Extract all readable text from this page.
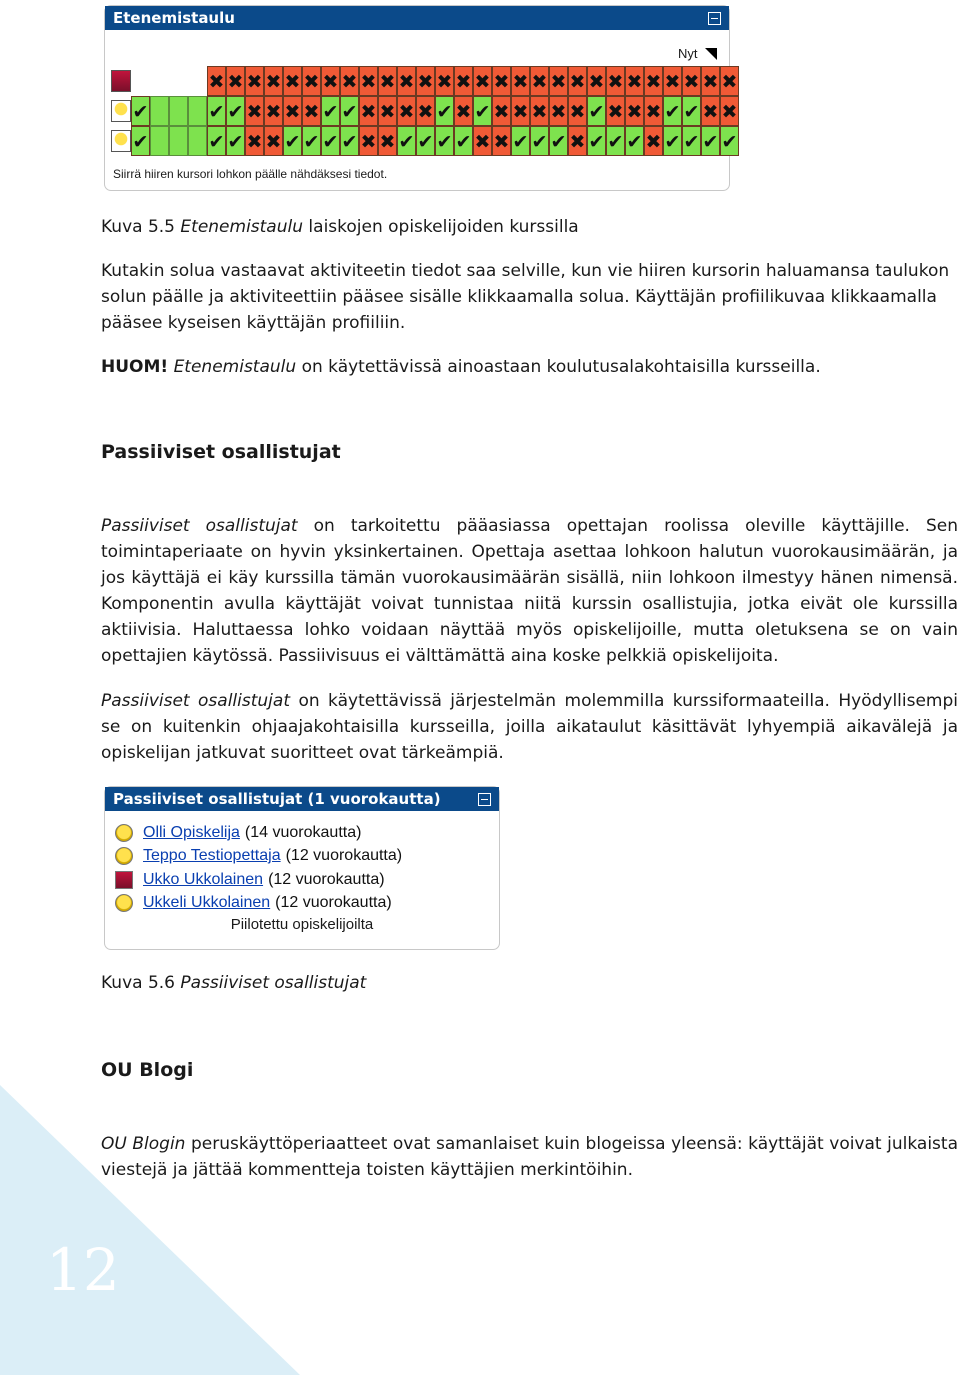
12
Etenemistaulu
Nyt
✖ ✖ ✖ ✖ ✖ ✖ ✖ ✖ ✖ ✖ ✖ ✖ ✖ ✖ ✖ ✖ ✖ ✖ ✖ ✖ ✖ ✖ ✖ ✖ ✖ ✖ ✖ ✖
✔	✔ ✔ ✖ ✖ ✖ ✖ ✔ ✔ ✖ ✖ ✖ ✖ ✔ ✖ ✔ ✖ ✖ ✖ ✖ ✖ ✔ ✖ ✖ ✖ ✔ ✔ ✖ ✖
✔	✔ ✔ ✖ ✖ ✔ ✔ ✔ ✔ ✖ ✖ ✔ ✔ ✔ ✔ ✖ ✖ ✔ ✔ ✔ ✖ ✔ ✔ ✔ ✖ ✔ ✔ ✔ ✔
Siirrä hiiren kursori lohkon päälle nähdäksesi tiedot.

Kuva 5.5 Etenemistaulu laiskojen opiskelijoiden kurssilla

Kutakin solua vastaavat aktiviteetin tiedot saa selville, kun vie hiiren kursorin haluamansa taulukon solun päälle ja aktiviteettiin pääsee sisälle klikkaamalla solua. Käyttäjän profiilikuvaa klikkaamalla pääsee kyseisen käyttäjän profiiliin.

HUOM! Etenemistaulu on käytettävissä ainoastaan koulutusalakohtaisilla kursseilla.

Passiiviset osallistujat

Passiiviset osallistujat on tarkoitettu pääasiassa opettajan roolissa oleville käyttäjille. Sen toimintaperiaate on hyvin yksinkertainen. Opettaja asettaa lohkoon halutun vuorokausimäärän, ja jos käyttäjä ei käy kurssilla tämän vuorokausimäärän sisällä, niin lohkoon ilmestyy hänen nimensä. Komponentin avulla käyttäjät voivat tunnistaa niitä kurssin osallistujia, jotka eivät ole kurssilla aktiivisia. Haluttaessa lohko voidaan näyttää myös opiskelijoille, mutta oletuksena se on vain opettajien käytössä. Passiivisuus ei välttämättä aina koske pelkkiä opiskelijoita.

Passiiviset osallistujat on käytettävissä järjestelmän molemmilla kurssiformaateilla. Hyödyllisempi se on kuitenkin ohjaajakohtaisilla kursseilla, joilla aikataulut käsittävät lyhyempiä aikavälejä ja opiskelijan jatkuvat suoritteet ovat tärkeämpiä.

Passiiviset osallistujat (1 vuorokautta)
Olli Opiskelija (14 vuorokautta)
Teppo Testiopettaja (12 vuorokautta)
Ukko Ukkolainen (12 vuorokautta)
Ukkeli Ukkolainen (12 vuorokautta)
Piilotettu opiskelijoilta

Kuva 5.6 Passiiviset osallistujat

OU Blogi

OU Blogin peruskäyttöperiaatteet ovat samanlaiset kuin blogeissa yleensä: käyttäjät voivat julkaista viestejä ja jättää kommentteja toisten käyttäjien merkintöihin.
